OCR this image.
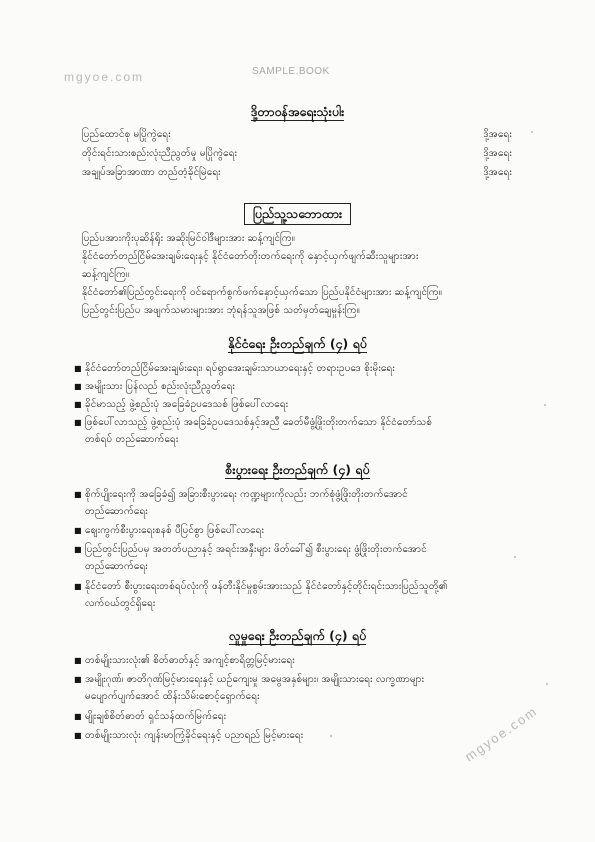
mgyoe.com	SAMPLE.BOOK
mgyoe.com
ဒို့တာဝန်အရေးသုံးပါး
ပြည်ထောင်စု မပြိုကွဲရေး	ဒို့အရေး
တိုင်းရင်းသားစည်းလုံးညီညွတ်မှု မပြိုကွဲရေး	ဒို့အရေး
အချုပ်အခြာအာဏာ တည်တံ့ခိုင်မြဲရေး	ဒို့အရေး
ပြည်သူ့သဘောထား
ပြည်ပအားကိုးပုဆိန်ရိုး အဆိုးမြင်ဝါဒီများအား ဆန့်ကျင်ကြ။
နိုင်ငံတော်တည်ငြိမ်အေးချမ်းရေးနှင့် နိုင်ငံတော်တိုးတက်ရေးကို နှောင့်ယှက်ဖျက်ဆီးသူများအား
ဆန့်ကျင်ကြ။
နိုင်ငံတော်၏ပြည်တွင်းရေးကို ဝင်ရောက်စွက်ဖက်နှောင့်ယှက်သော ပြည်ပနိုင်ငံများအား ဆန့်ကျင်ကြ။
ပြည်တွင်းပြည်ပ အဖျက်သမားများအား ဘုံရန်သူအဖြစ် သတ်မှတ်ချေမှုန်းကြ။
နိုင်ငံရေး ဦးတည်ချက် (၄) ရပ်
■ နိုင်ငံတော်တည်ငြိမ်အေးချမ်းရေး၊ ရပ်ရွာအေးချမ်းသာယာရေးနှင့် တရားဥပဒေ စိုးမိုးရေး
■ အမျိုးသား ပြန်လည် စည်းလုံးညီညွတ်ရေး
■ ခိုင်မာသည့် ဖွဲ့စည်းပုံ အခြေခံဥပဒေသစ် ဖြစ်ပေါ်လာရေး
■ ဖြစ်ပေါ်လာသည့် ဖွဲ့စည်းပုံ အခြေခံဥပဒေသစ်နှင့်အညီ ခေတ်မီဖွံ့ဖြိုးတိုးတက်သော နိုင်ငံတော်သစ်
တစ်ရပ် တည်ဆောက်ရေး
စီးပွားရေး ဦးတည်ချက် (၄) ရပ်
■ စိုက်ပျိုးရေးကို အခြေခံ၍ အခြားစီးပွားရေး ကဏ္ဍများကိုလည်း ဘက်စုံဖွံ့ဖြိုးတိုးတက်အောင်
တည်ဆောက်ရေး
■ ဈေးကွက်စီးပွားရေးစနစ် ပီပြင်စွာ ဖြစ်ပေါ်လာရေး
■ ပြည်တွင်းပြည်ပမှ အတတ်ပညာနှင့် အရင်းအနှီးများ ဖိတ်ခေါ်၍ စီးပွားရေး ဖွံ့ဖြိုးတိုးတက်အောင်
တည်ဆောက်ရေး
■ နိုင်ငံတော် စီးပွားရေးတစ်ရပ်လုံးကို ဖန်တီးနိုင်မှုစွမ်းအားသည် နိုင်ငံတော်နှင့်တိုင်းရင်းသားပြည်သူတို့၏
လက်ဝယ်တွင်ရှိရေး
လူမှုရေး ဦးတည်ချက် (၄) ရပ်
■ တစ်မျိုးသားလုံး၏ စိတ်ဓာတ်နှင့် အကျင့်စာရိတ္တမြင့်မားရေး
■ အမျိုးဂုဏ်၊ ဇာတိဂုဏ်မြင့်မားရေးနှင့် ယဉ်ကျေးမှု အမွေအနှစ်များ၊ အမျိုးသားရေး လက္ခဏာများ
မပျောက်ပျက်အောင် ထိန်းသိမ်းစောင့်ရှောက်ရေး
■ မျိုးချစ်စိတ်ဓာတ် ရှင်သန်ထက်မြက်ရေး
■ တစ်မျိုးသားလုံး ကျန်းမာကြံ့ခိုင်ရေးနှင့် ပညာရည် မြင့်မားရေး
